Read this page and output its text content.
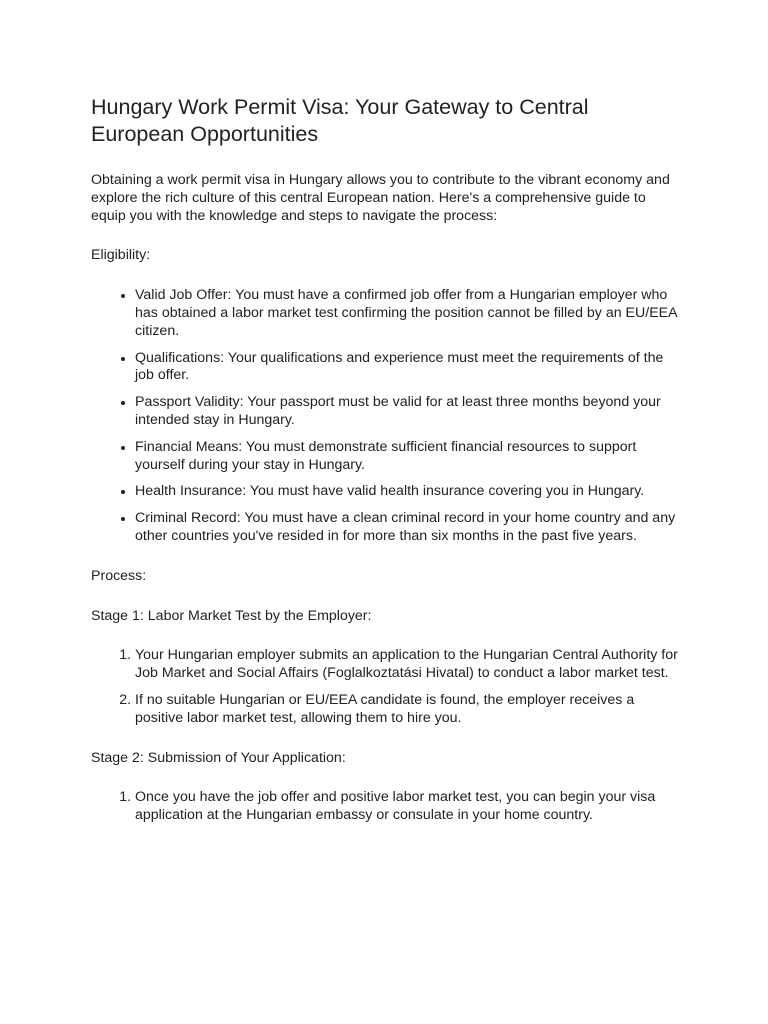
Hungary Work Permit Visa: Your Gateway to Central European Opportunities

Obtaining a work permit visa in Hungary allows you to contribute to the vibrant economy and explore the rich culture of this central European nation. Here's a comprehensive guide to equip you with the knowledge and steps to navigate the process:

Eligibility:

• Valid Job Offer: You must have a confirmed job offer from a Hungarian employer who has obtained a labor market test confirming the position cannot be filled by an EU/EEA citizen.
• Qualifications: Your qualifications and experience must meet the requirements of the job offer.
• Passport Validity: Your passport must be valid for at least three months beyond your intended stay in Hungary.
• Financial Means: You must demonstrate sufficient financial resources to support yourself during your stay in Hungary.
• Health Insurance: You must have valid health insurance covering you in Hungary.
• Criminal Record: You must have a clean criminal record in your home country and any other countries you've resided in for more than six months in the past five years.

Process:

Stage 1: Labor Market Test by the Employer:

1. Your Hungarian employer submits an application to the Hungarian Central Authority for Job Market and Social Affairs (Foglalkoztatási Hivatal) to conduct a labor market test.
2. If no suitable Hungarian or EU/EEA candidate is found, the employer receives a positive labor market test, allowing them to hire you.

Stage 2: Submission of Your Application:

1. Once you have the job offer and positive labor market test, you can begin your visa application at the Hungarian embassy or consulate in your home country.
